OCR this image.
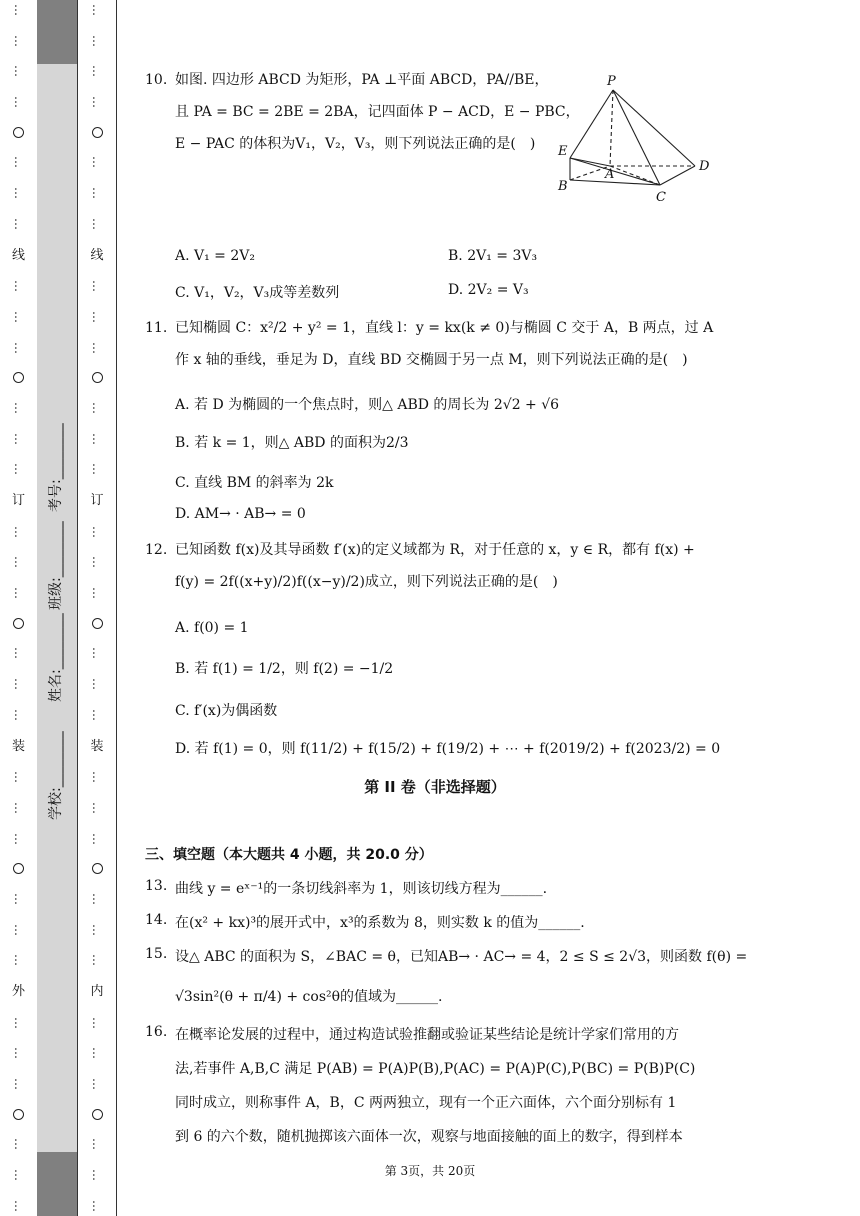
…
…
…
…
…
…
…
线
…
…
…
…
…
…
订
…
…
…
…
…
…
装
…
…
…
…
…
…
外
…
…
…
…
…
…
学校:________
姓名:________
班级:________
考号:________
…
…
…
…
…
…
…
线
…
…
…
…
…
…
订
…
…
…
…
…
…
装
…
…
…
…
…
…
内
…
…
…
…
…
…
10. 如图. 四边形 ABCD 为矩形，PA ⊥平面 ABCD，PA//BE，
且 PA = BC = 2BE = 2BA，记四面体 P − ACD，E − PBC，
E − PAC 的体积为V₁，V₂，V₃，则下列说法正确的是(　)
A. V₁ = 2V₂	B. 2V₁ = 3V₃
C. V₁，V₂，V₃成等差数列	D. 2V₂ = V₃
11. 已知椭圆 C：x²/2 + y² = 1，直线 l：y = kx(k ≠ 0)与椭圆 C 交于 A，B 两点，过 A
作 x 轴的垂线，垂足为 D，直线 BD 交椭圆于另一点 M，则下列说法正确的是(　)
A. 若 D 为椭圆的一个焦点时，则△ ABD 的周长为 2√2 + √6
B. 若 k = 1，则△ ABD 的面积为2/3
C. 直线 BM 的斜率为 2k
D. AM→ · AB→ = 0
12. 已知函数 f(x)及其导函数 f′(x)的定义域都为 R，对于任意的 x，y ∈ R，都有 f(x) +
f(y) = 2f((x+y)/2)f((x−y)/2)成立，则下列说法正确的是(　)
A. f(0) = 1
B. 若 f(1) = 1/2，则 f(2) = −1/2
C. f′(x)为偶函数
D. 若 f(1) = 0，则 f(11/2) + f(15/2) + f(19/2) + ⋯ + f(2019/2) + f(2023/2) = 0
第 II 卷（非选择题）
三、填空题（本大题共 4 小题，共 20.0 分）
13. 曲线 y = eˣ⁻¹的一条切线斜率为 1，则该切线方程为______.
14. 在(x² + kx)³的展开式中，x³的系数为 8，则实数 k 的值为______.
15. 设△ ABC 的面积为 S，∠BAC = θ，已知AB→ · AC→ = 4，2 ≤ S ≤ 2√3，则函数 f(θ) =
√3sin²(θ + π/4) + cos²θ的值域为______.
16. 在概率论发展的过程中，通过构造试验推翻或验证某些结论是统计学家们常用的方
法,若事件 A,B,C 满足 P(AB) = P(A)P(B),P(AC) = P(A)P(C),P(BC) = P(B)P(C)
同时成立，则称事件 A，B，C 两两独立，现有一个正六面体，六个面分别标有 1
到 6 的六个数，随机抛掷该六面体一次，观察与地面接触的面上的数字，得到样本
P
E
A
D
B
C
第 3页，共 20页
